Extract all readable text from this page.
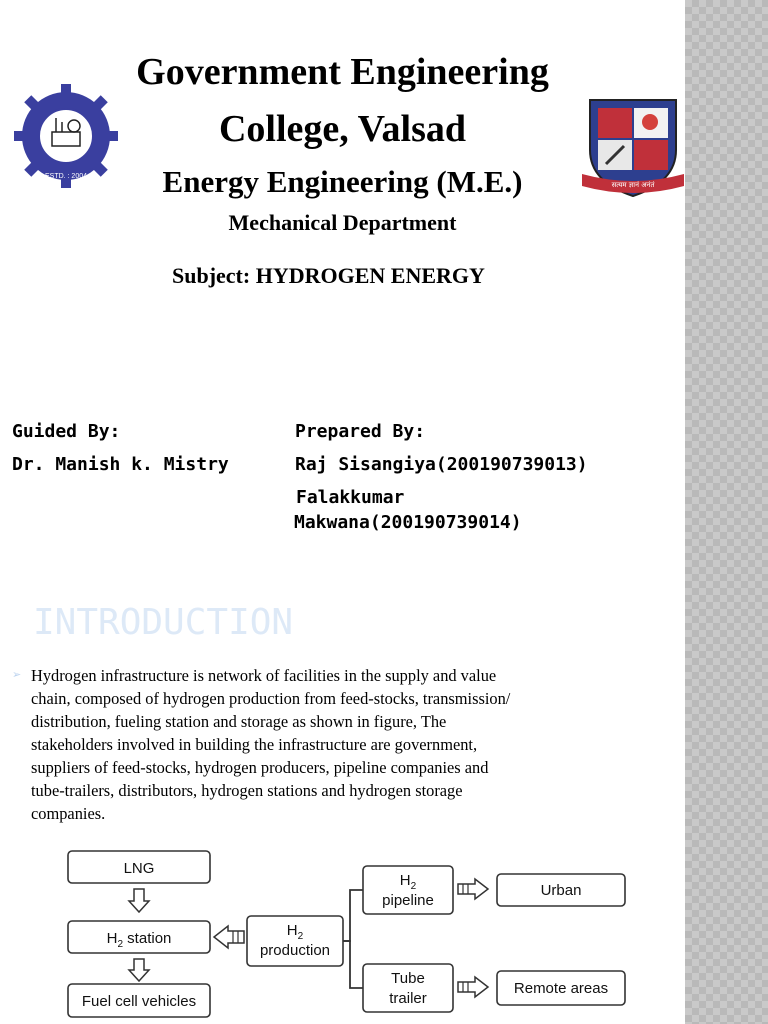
Government Engineering
College, Valsad
Energy Engineering (M.E.)
Mechanical Department
Subject: HYDROGEN ENERGY
ESTD. : 2004
सत्यम ज्ञानं अनंतं
Guided By:
Dr. Manish k. Mistry
Prepared By:
Raj Sisangiya(200190739013)
Falakkumar
Makwana(200190739014)
INTRODUCTION
➢ Hydrogen infrastructure is network of facilities in the supply and value
chain, composed of hydrogen production from feed-stocks, transmission/
distribution, fueling station and storage as shown in figure, The
stakeholders involved in building the infrastructure are government,
suppliers of feed-stocks, hydrogen producers, pipeline companies and
tube-trailers, distributors, hydrogen stations and hydrogen storage
companies.
LNG
$H_2$ station
Fuel cell vehicles
$H_2$
production
$H_2$
pipeline
Urban
Tube
trailer
Remote areas
